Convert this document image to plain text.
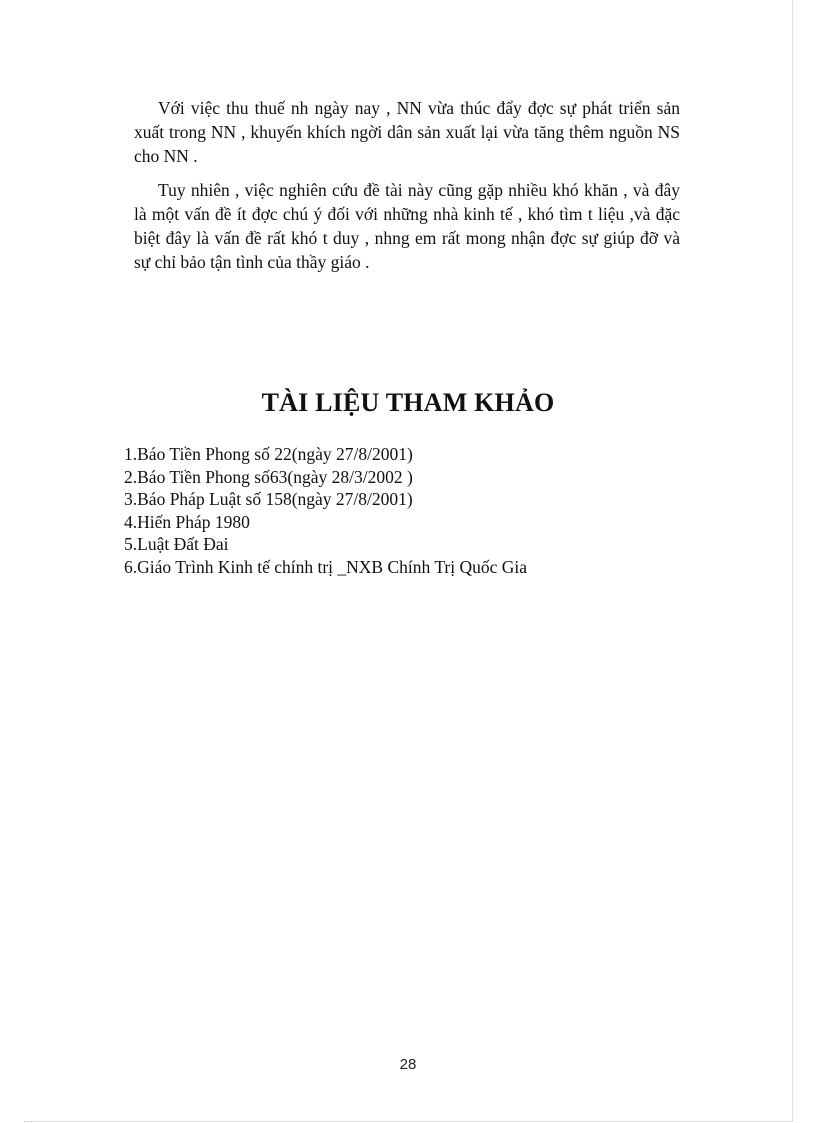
Với việc thu thuế nh ngày nay , NN vừa thúc đẩy đợc sự phát triển sản xuất trong NN , khuyến khích ngời dân sản xuất lại vừa tăng thêm nguồn NS cho NN .

Tuy nhiên , việc nghiên cứu đề tài này cũng gặp nhiều khó khăn , và đây là một vấn đề ít đợc chú ý đối với những nhà kinh tế , khó tìm t liệu ,và đặc biệt đây là vấn đề rất khó t duy , nhng em rất mong nhận đợc sự giúp đỡ và sự chỉ bảo tận tình của thầy giáo .

TÀI LIỆU THAM KHẢO
1.Báo Tiền Phong số 22(ngày 27/8/2001)
2.Báo Tiền Phong số63(ngày 28/3/2002 )
3.Báo Pháp Luật số 158(ngày 27/8/2001)
4.Hiến Pháp 1980
5.Luật Đất Đai
6.Giáo Trình Kinh tế chính trị _NXB Chính Trị Quốc Gia
28
